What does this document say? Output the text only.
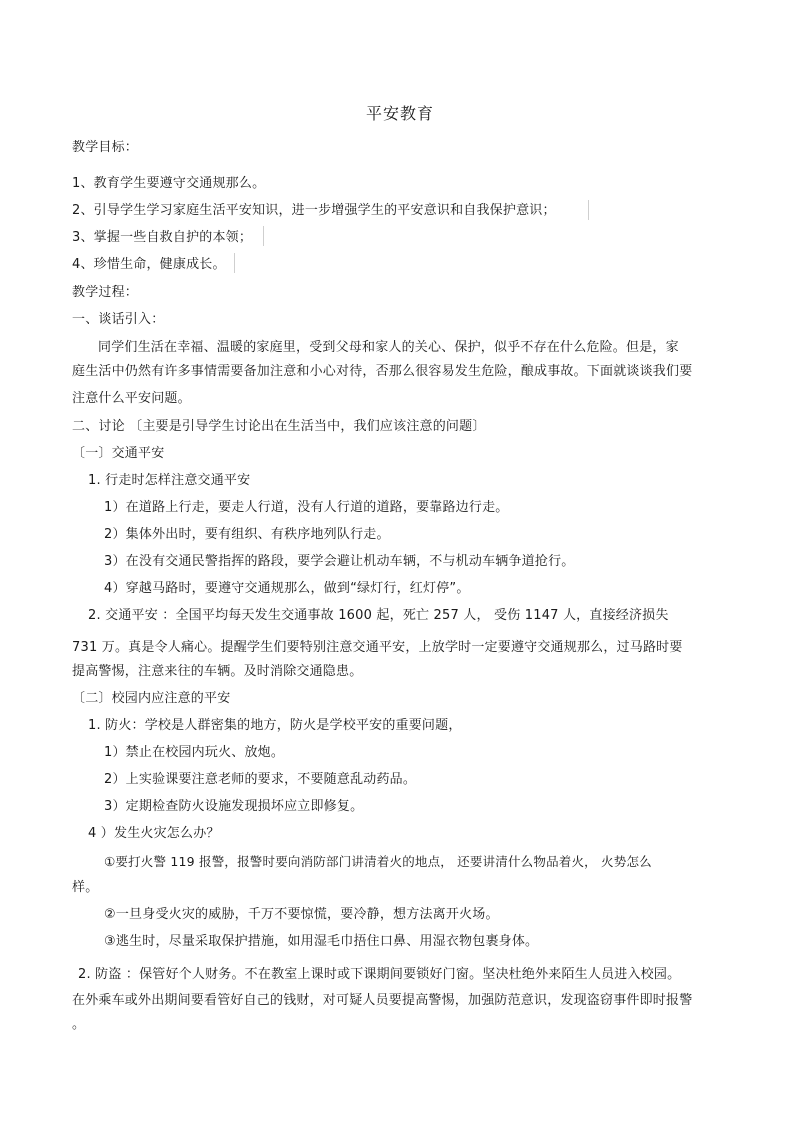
平安教育
教学目标：
1、教育学生要遵守交通规那么。
2、引导学生学习家庭生活平安知识，进一步增强学生的平安意识和自我保护意识；
3、掌握一些自救自护的本领；
4、珍惜生命，健康成长。
教学过程：
一、谈话引入：
同学们生活在幸福、温暖的家庭里，受到父母和家人的关心、保护，似乎不存在什么危险。但是，家
庭生活中仍然有许多事情需要备加注意和小心对待，否那么很容易发生危险，酿成事故。下面就谈谈我们要
注意什么平安问题。
二、讨论 〔主要是引导学生讨论出在生活当中，我们应该注意的问题〕
〔一〕交通平安
1. 行走时怎样注意交通平安
1）在道路上行走，要走人行道，没有人行道的道路，要靠路边行走。
2）集体外出时，要有组织、有秩序地列队行走。
3）在没有交通民警指挥的路段，要学会避让机动车辆，不与机动车辆争道抢行。
4）穿越马路时，要遵守交通规那么，做到“绿灯行，红灯停”。
2. 交通平安 ：全国平均每天发生交通事故 1600 起，死亡 257 人， 受伤 1147 人，直接经济损失
731 万。真是令人痛心。提醒学生们要特别注意交通平安，上放学时一定要遵守交通规那么，过马路时要
提高警惕，注意来往的车辆。及时消除交通隐患。
〔二〕校园内应注意的平安
1. 防火：学校是人群密集的地方，防火是学校平安的重要问题，
1）禁止在校园内玩火、放炮。
2）上实验课要注意老师的要求，不要随意乱动药品。
3）定期检查防火设施发现损坏应立即修复。
4 ）发生火灾怎么办？
①要打火警 119 报警，报警时要向消防部门讲清着火的地点， 还要讲清什么物品着火， 火势怎么
样。
②一旦身受火灾的威胁，千万不要惊慌，要冷静，想方法离开火场。
③逃生时，尽量采取保护措施，如用湿毛巾捂住口鼻、用湿衣物包裹身体。
2. 防盗 ：保管好个人财务。不在教室上课时或下课期间要锁好门窗。坚决杜绝外来陌生人员进入校园。
在外乘车或外出期间要看管好自己的钱财，对可疑人员要提高警惕，加强防范意识，发现盗窃事件即时报警
。
